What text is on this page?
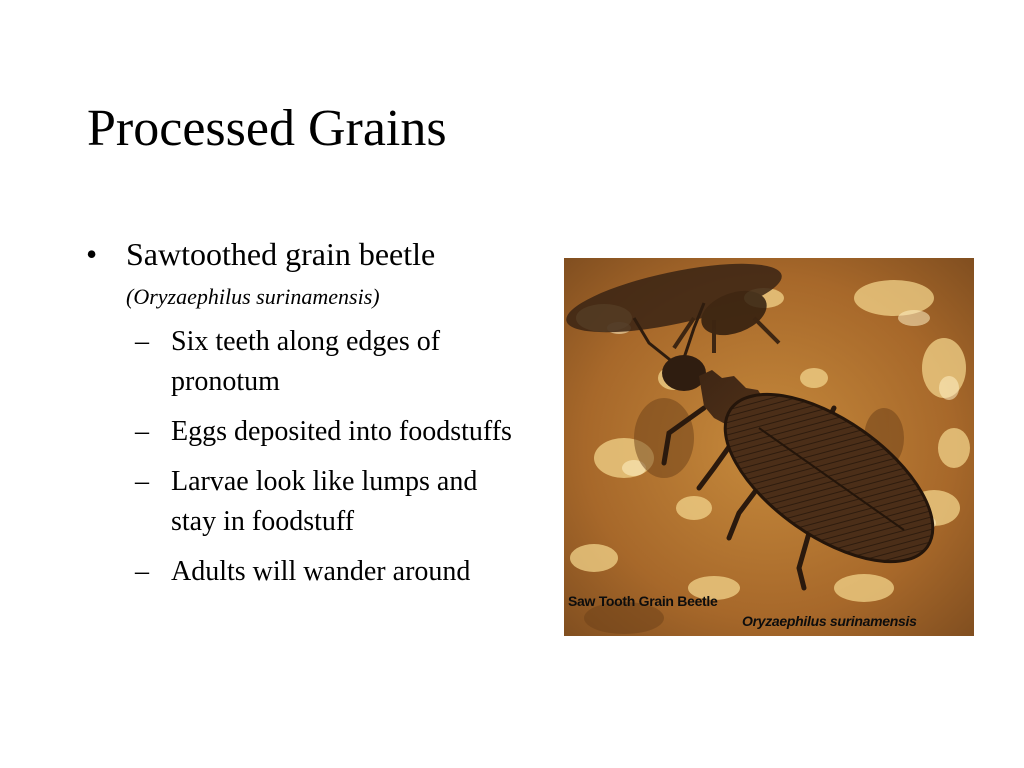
Processed Grains
• Sawtoothed grain beetle
(Oryzaephilus surinamensis)
– Six teeth along edges of pronotum
– Eggs deposited into foodstuffs
– Larvae look like lumps and stay in foodstuff
– Adults will wander around
Saw Tooth Grain Beetle
Oryzaephilus surinamensis
